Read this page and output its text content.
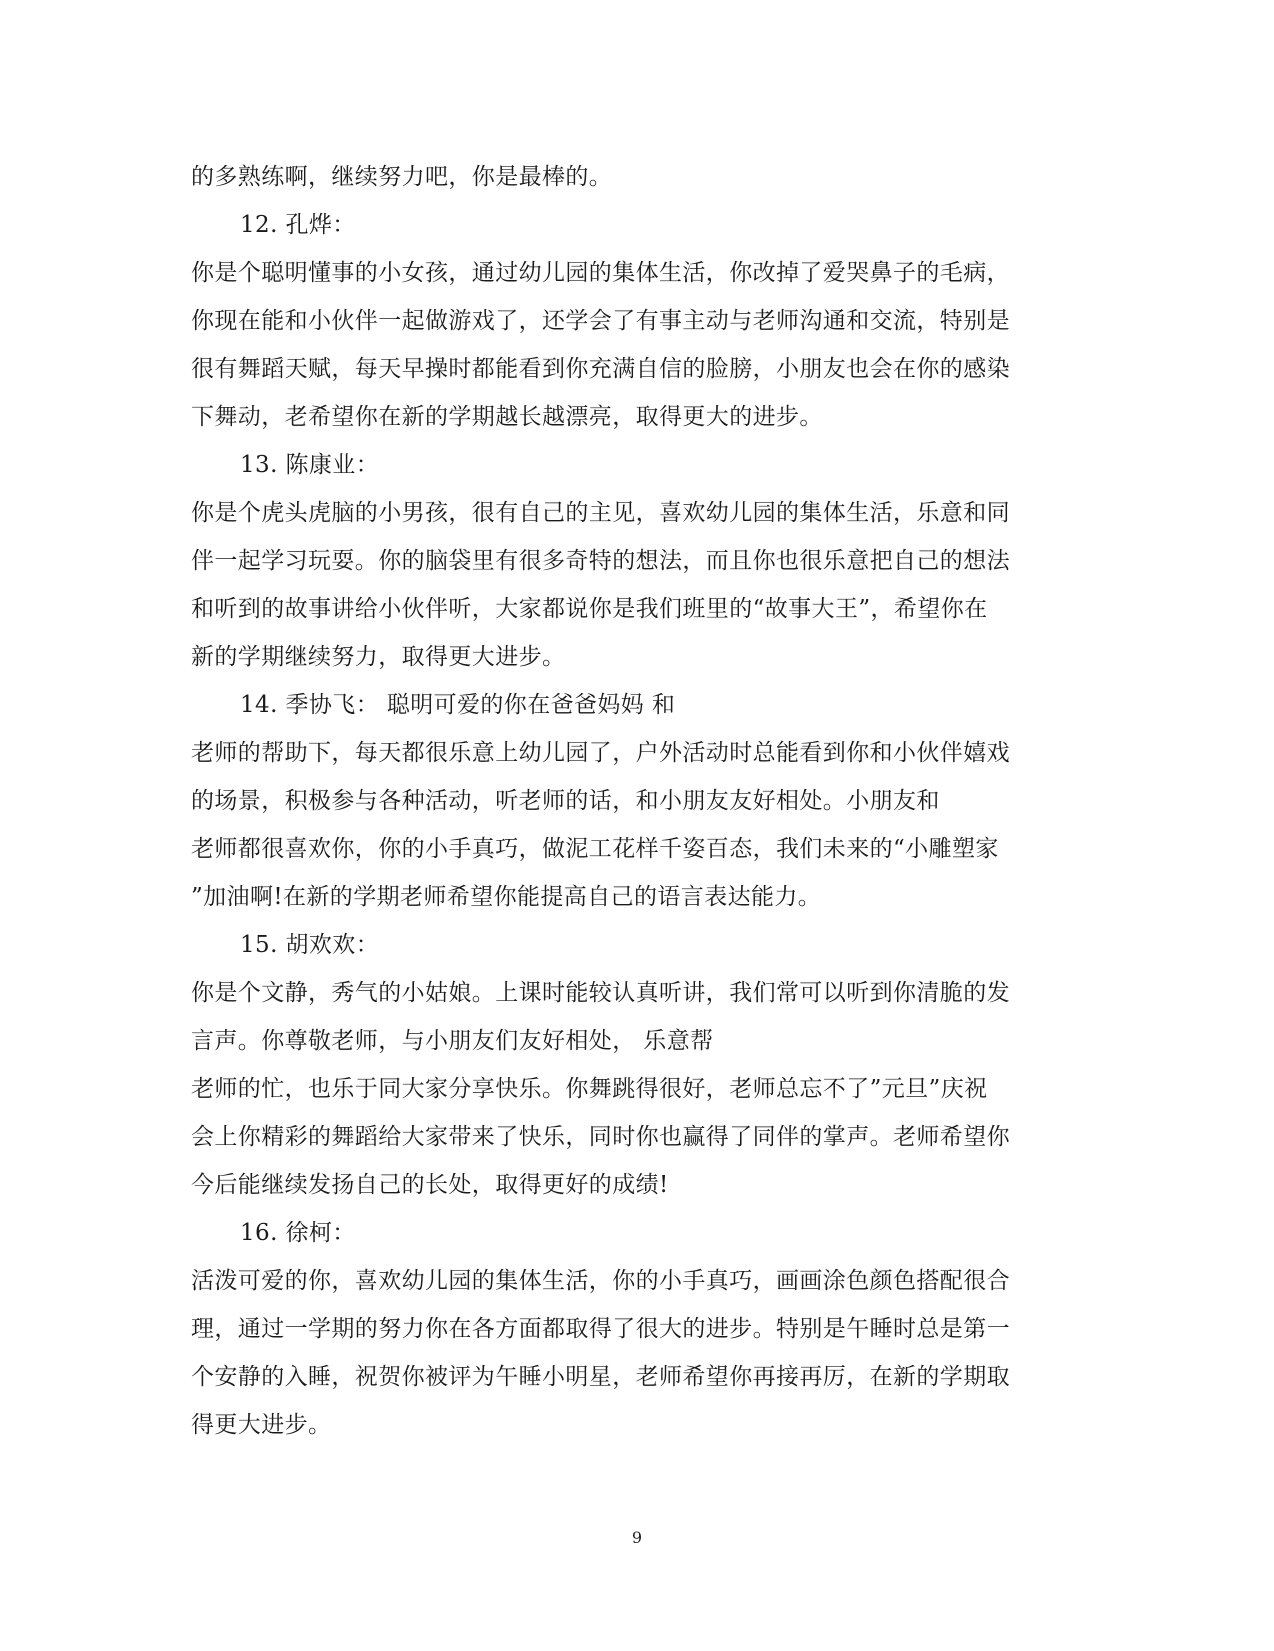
的多熟练啊，继续努力吧，你是最棒的。
12. 孔烨：
你是个聪明懂事的小女孩，通过幼儿园的集体生活，你改掉了爱哭鼻子的毛病，
你现在能和小伙伴一起做游戏了，还学会了有事主动与老师沟通和交流，特别是
很有舞蹈天赋，每天早操时都能看到你充满自信的脸膀，小朋友也会在你的感染
下舞动，老希望你在新的学期越长越漂亮，取得更大的进步。
13. 陈康业：
你是个虎头虎脑的小男孩，很有自己的主见，喜欢幼儿园的集体生活，乐意和同
伴一起学习玩耍。你的脑袋里有很多奇特的想法，而且你也很乐意把自己的想法
和听到的故事讲给小伙伴听，大家都说你是我们班里的“故事大王”，希望你在
新的学期继续努力，取得更大进步。
14. 季协飞： 聪明可爱的你在爸爸妈妈 和
老师的帮助下，每天都很乐意上幼儿园了，户外活动时总能看到你和小伙伴嬉戏
的场景，积极参与各种活动，听老师的话，和小朋友友好相处。小朋友和
老师都很喜欢你，你的小手真巧，做泥工花样千姿百态，我们未来的“小雕塑家
”加油啊!在新的学期老师希望你能提高自己的语言表达能力。
15. 胡欢欢：
你是个文静，秀气的小姑娘。上课时能较认真听讲，我们常可以听到你清脆的发
言声。你尊敬老师，与小朋友们友好相处， 乐意帮
老师的忙，也乐于同大家分享快乐。你舞跳得很好，老师总忘不了”元旦”庆祝
会上你精彩的舞蹈给大家带来了快乐，同时你也赢得了同伴的掌声。老师希望你
今后能继续发扬自己的长处，取得更好的成绩!
16. 徐柯：
活泼可爱的你，喜欢幼儿园的集体生活，你的小手真巧，画画涂色颜色搭配很合
理，通过一学期的努力你在各方面都取得了很大的进步。特别是午睡时总是第一
个安静的入睡，祝贺你被评为午睡小明星，老师希望你再接再厉，在新的学期取
得更大进步。
9
